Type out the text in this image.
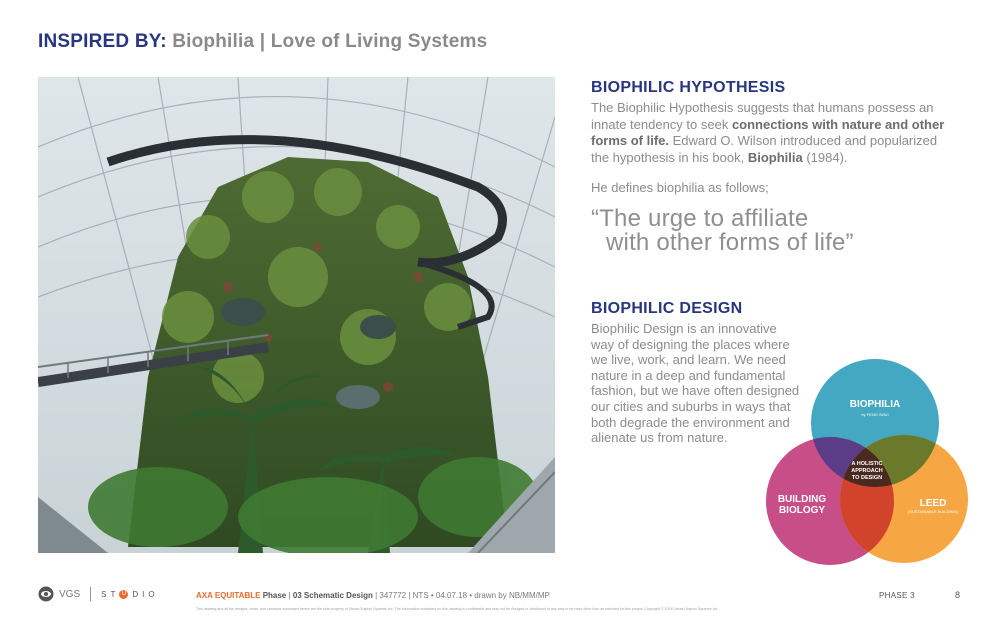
INSPIRED BY: Biophilia | Love of Living Systems
BIOPHILIC HYPOTHESIS
The Biophilic Hypothesis suggests that humans possess an innate tendency to seek connections with nature and other forms of life. Edward O. Wilson introduced and popularized the hypothesis in his book, Biophilia (1984).
He defines biophilia as follows;
“The urge to affiliate
with other forms of life”
BIOPHILIC DESIGN
Biophilic Design is an innovative way of designing the places where we live, work, and learn. We need nature in a deep and fundamental fashion, but we have often designed our cities and suburbs in ways that both degrade the environment and alienate us from nature.
BIOPHILIA
by FENG SHUI
BUILDING
BIOLOGY
LEED
(SUSTAINABLE BUILDING)
A HOLISTIC
APPROACH
TO DESIGN
VGS	ST U DIO	AXA EQUITABLE Phase | 03 Schematic Design | 347772 | NTS • 04.07.18 • drawn by NB/MM/MP
This drawing and all the designs, ideas, and concepts expressed herein are the sole property of Visual Graphic Systems Inc. The information contained on this drawing is confidential and may not be divulged or distributed to any way or be used other than as intended for this project. Copyright © 2018 Visual Graphic Systems Inc.
PHASE 3	8
